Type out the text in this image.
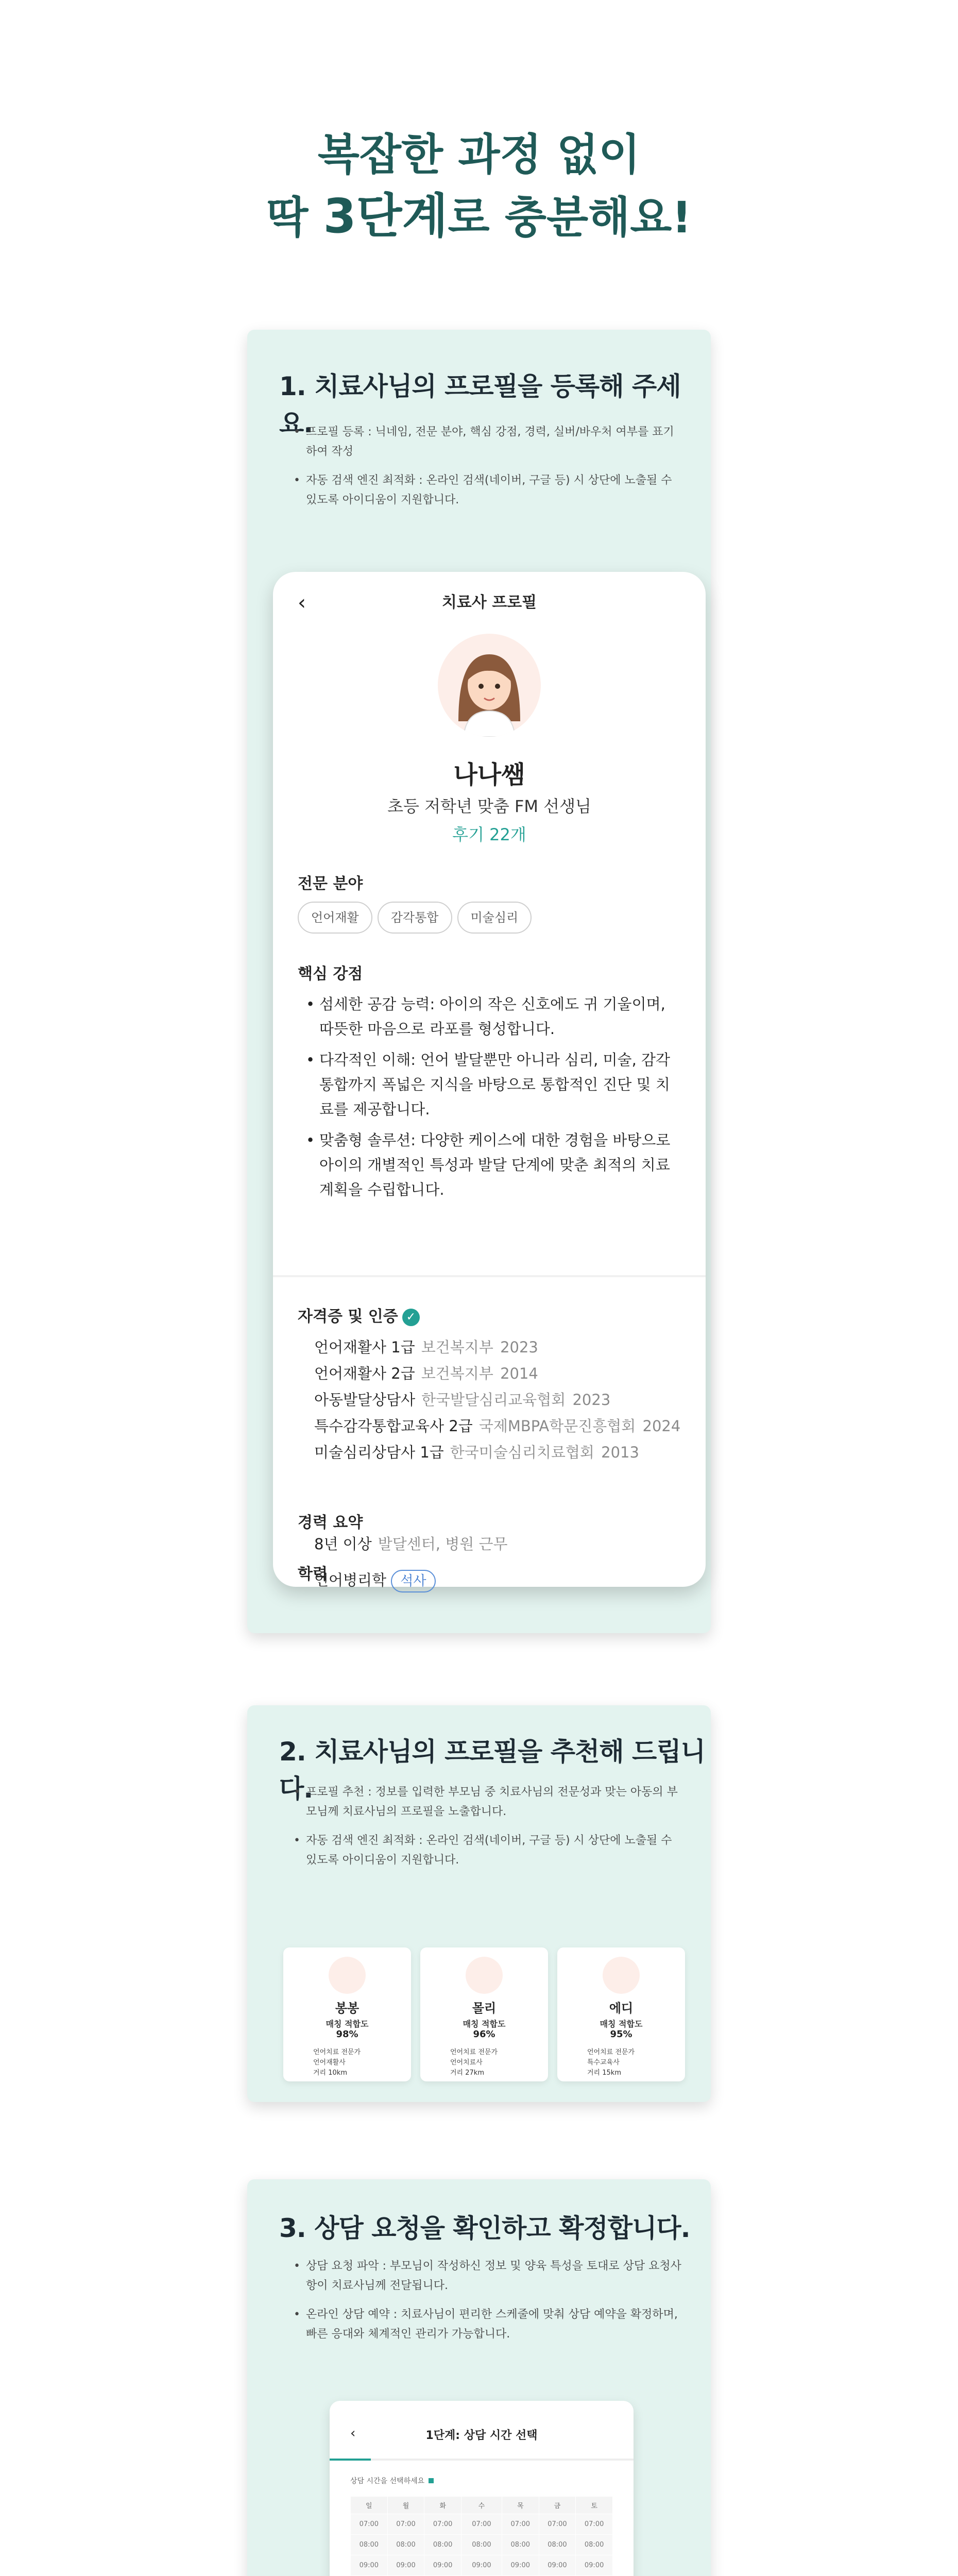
복잡한 과정 없이
딱 3단계로 충분해요!
1. 치료사님의 프로필을 등록해 주세요.
• 프로필 등록 : 닉네임, 전문 분야, 핵심 강점, 경력, 실버/바우처 여부를 표기하여 작성
• 자동 검색 엔진 최적화 : 온라인 검색(네이버, 구글 등) 시 상단에 노출될 수 있도록 아이디움이 지원합니다.
‹	치료사 프로필
나나쌤
초등 저학년 맞춤 FM 선생님
후기 22개
전문 분야
언어재활	감각통합	미술심리
핵심 강점
• 섬세한 공감 능력: 아이의 작은 신호에도 귀 기울이며, 따뜻한 마음으로 라포를 형성합니다.
• 다각적인 이해: 언어 발달뿐만 아니라 심리, 미술, 감각 통합까지 폭넓은 지식을 바탕으로 통합적인 진단 및 치료를 제공합니다.
• 맞춤형 솔루션: 다양한 케이스에 대한 경험을 바탕으로 아이의 개별적인 특성과 발달 단계에 맞춘 최적의 치료 계획을 수립합니다.
자격증 및 인증 ✓
언어재활사 1급 보건복지부 2023
언어재활사 2급 보건복지부 2014
아동발달상담사 한국발달심리교육협회 2023
특수감각통합교육사 2급 국제MBPA학문진흥협회 2024
미술심리상담사 1급 한국미술심리치료협회 2013
경력 요약
8년 이상 발달센터, 병원 근무
학력
언어병리학 석사
2. 치료사님의 프로필을 추천해 드립니다.
• 프로필 추천 : 정보를 입력한 부모님 중 치료사님의 전문성과 맞는 아동의 부모님께 치료사님의 프로필을 노출합니다.
• 자동 검색 엔진 최적화 : 온라인 검색(네이버, 구글 등) 시 상단에 노출될 수 있도록 아이디움이 지원합니다.
봉봉
매칭 적합도
98%
언어치료 전문가
언어재활사
거리 10km
몰리
매칭 적합도
96%
언어치료 전문가
언어치료사
거리 27km
에디
매칭 적합도
95%
언어치료 전문가
특수교육사
거리 15km
3. 상담 요청을 확인하고 확정합니다.
• 상담 요청 파악 : 부모님이 작성하신 정보 및 양육 특성을 토대로 상담 요청사항이 치료사님께 전달됩니다.
• 온라인 상담 예약 : 치료사님이 편리한 스케줄에 맞춰 상담 예약을 확정하며, 빠른 응대와 체계적인 관리가 가능합니다.
‹	1단계: 상담 시간 선택
상담 시간을 선택하세요
일	월	화	수	목	금	토
07:00	07:00	07:00	07:00	07:00	07:00	07:00
08:00	08:00	08:00	08:00	08:00	08:00	08:00
09:00	09:00	09:00	09:00	09:00	09:00	09:00
